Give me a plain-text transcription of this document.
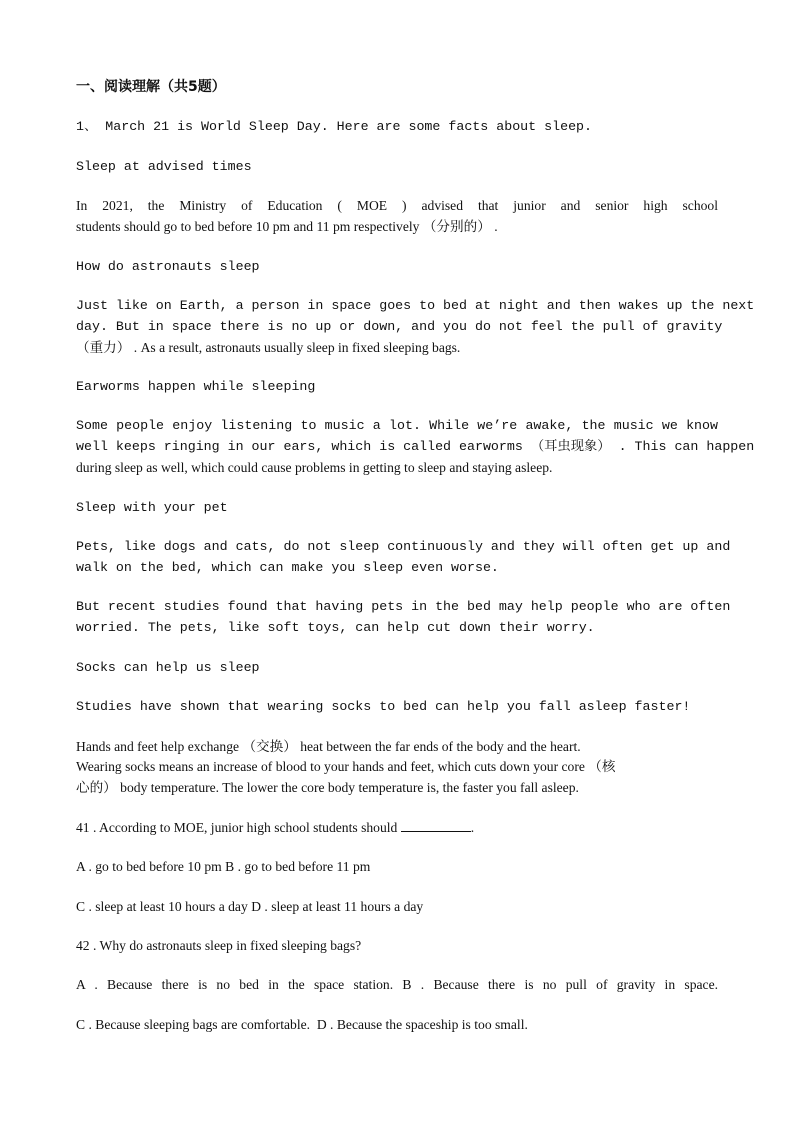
一、阅读理解（共5题）

1、 March 21 is World Sleep Day. Here are some facts about sleep.

Sleep at advised times

In 2021, the Ministry of Education ( MOE ) advised that junior and senior high school

students should go to bed before 10 pm and 11 pm respectively （分别的） .

How do astronauts sleep

Just like on Earth, a person in space goes to bed at night and then wakes up the next

day. But in space there is no up or down, and you do not feel the pull of gravity

（重力） . As a result, astronauts usually sleep in fixed sleeping bags.

Earworms happen while sleeping

Some people enjoy listening to music a lot. While we’re awake, the music we know

well keeps ringing in our ears, which is called earworms （耳虫现象） . This can happen

during sleep as well, which could cause problems in getting to sleep and staying asleep.

Sleep with your pet

Pets, like dogs and cats, do not sleep continuously and they will often get up and

walk on the bed, which can make you sleep even worse.

But recent studies found that having pets in the bed may help people who are often

worried. The pets, like soft toys, can help cut down their worry.

Socks can help us sleep

Studies have shown that wearing socks to bed can help you fall asleep faster!

Hands and feet help exchange （交换） heat between the far ends of the body and the heart.

Wearing socks means an increase of blood to your hands and feet, which cuts down your core （核

心的） body temperature. The lower the core body temperature is, the faster you fall asleep.

41 . According to MOE, junior high school students should	.

A . go to bed before 10 pm B . go to bed before 11 pm

C . sleep at least 10 hours a day D . sleep at least 11 hours a day

42 . Why do astronauts sleep in fixed sleeping bags?

A . Because there is no bed in the space station. B . Because there is no pull of gravity in space.

C . Because sleeping bags are comfortable. D . Because the spaceship is too small.
